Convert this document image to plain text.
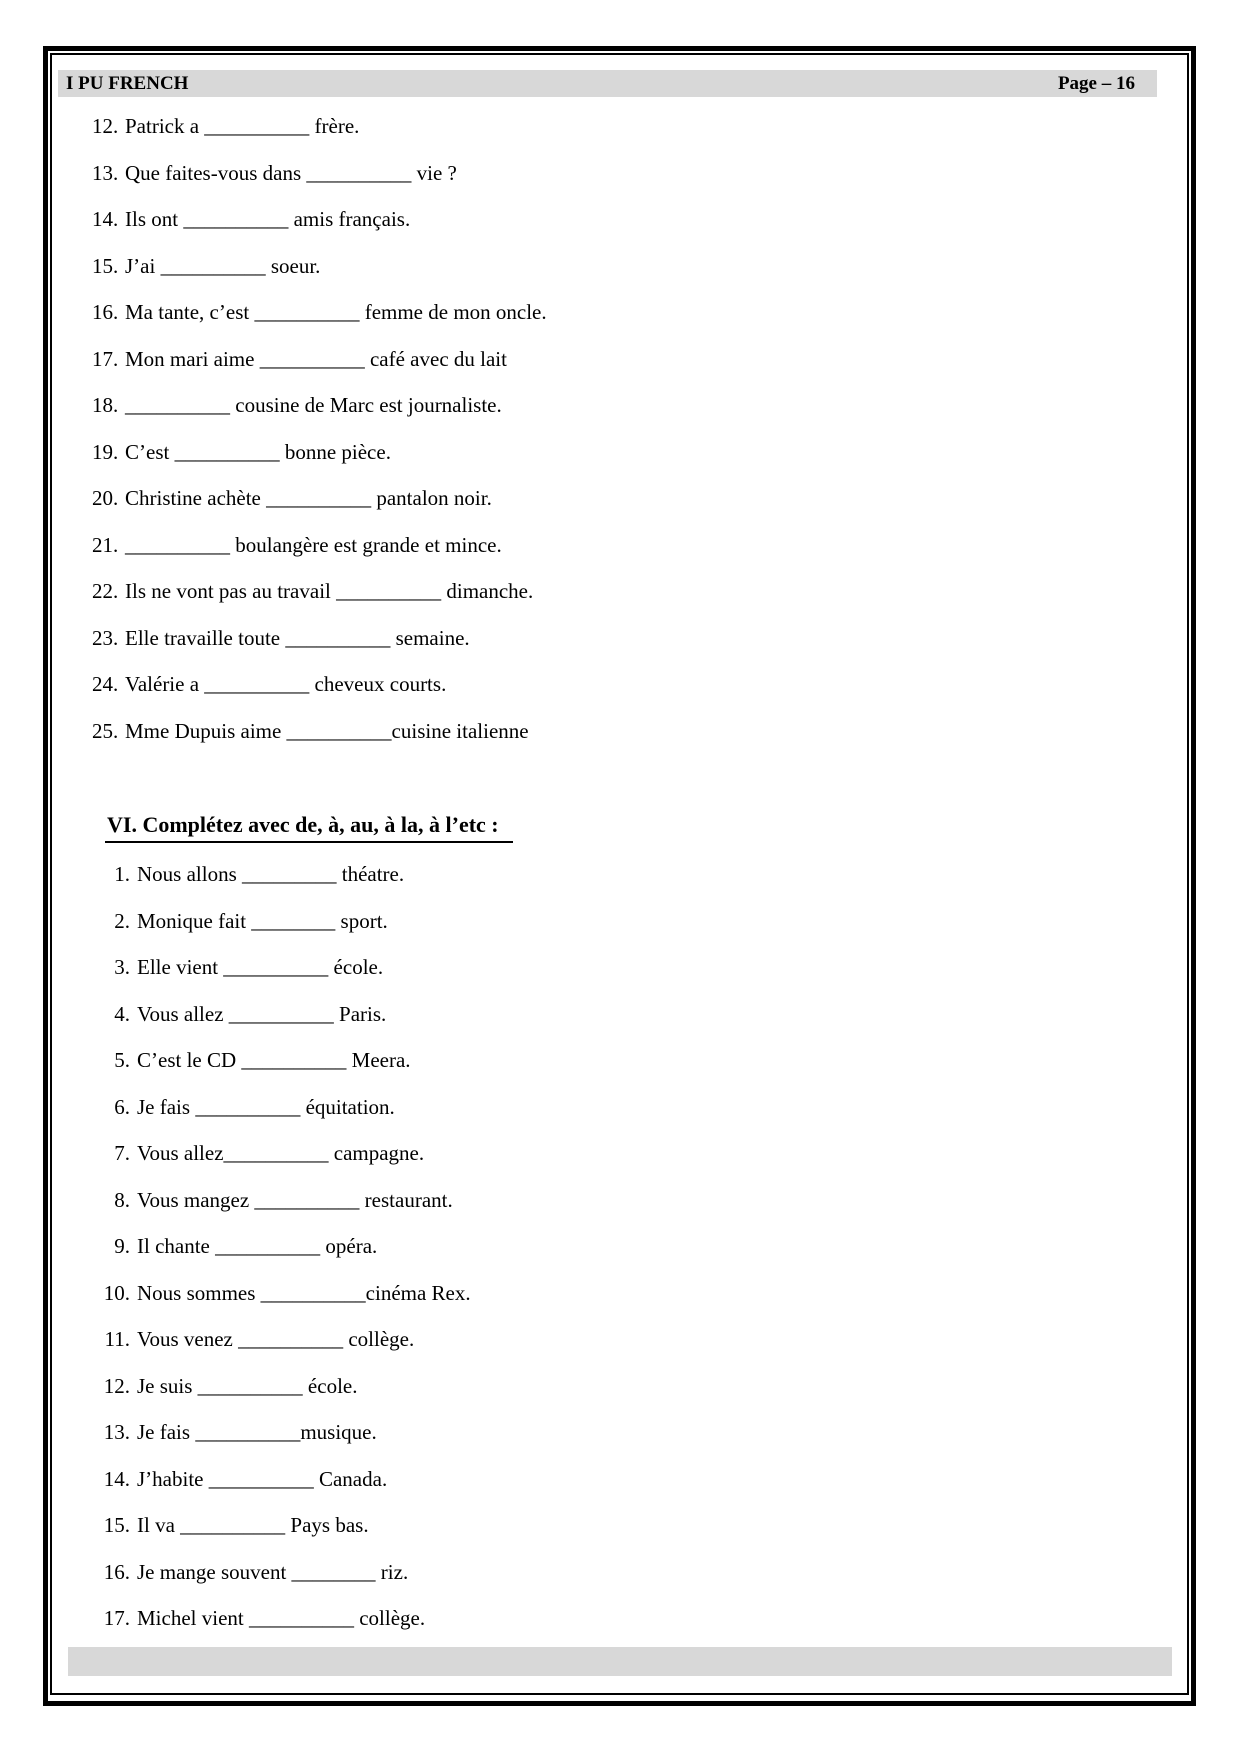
I PU FRENCH	Page – 16
12. Patrick a __________ frère.
13. Que faites-vous dans __________ vie ?
14. Ils ont __________ amis français.
15. J’ai __________ soeur.
16. Ma tante, c’est __________ femme de mon oncle.
17. Mon mari aime __________ café avec du lait
18. __________ cousine de Marc est journaliste.
19. C’est __________ bonne pièce.
20. Christine achète __________ pantalon noir.
21. __________ boulangère est grande et mince.
22. Ils ne vont pas au travail __________ dimanche.
23. Elle travaille toute __________ semaine.
24. Valérie a __________ cheveux courts.
25. Mme Dupuis aime __________cuisine italienne
VI. Complétez avec de, à, au, à la, à l’etc :
1. Nous allons _________ théatre.
2. Monique fait ________ sport.
3. Elle vient __________ école.
4. Vous allez __________ Paris.
5. C’est le CD __________ Meera.
6. Je fais __________ équitation.
7. Vous allez__________ campagne.
8. Vous mangez __________ restaurant.
9. Il chante __________ opéra.
10. Nous sommes __________cinéma Rex.
11. Vous venez __________ collège.
12. Je suis __________ école.
13. Je fais __________musique.
14. J’habite __________ Canada.
15. Il va __________ Pays bas.
16. Je mange souvent ________ riz.
17. Michel vient __________ collège.
